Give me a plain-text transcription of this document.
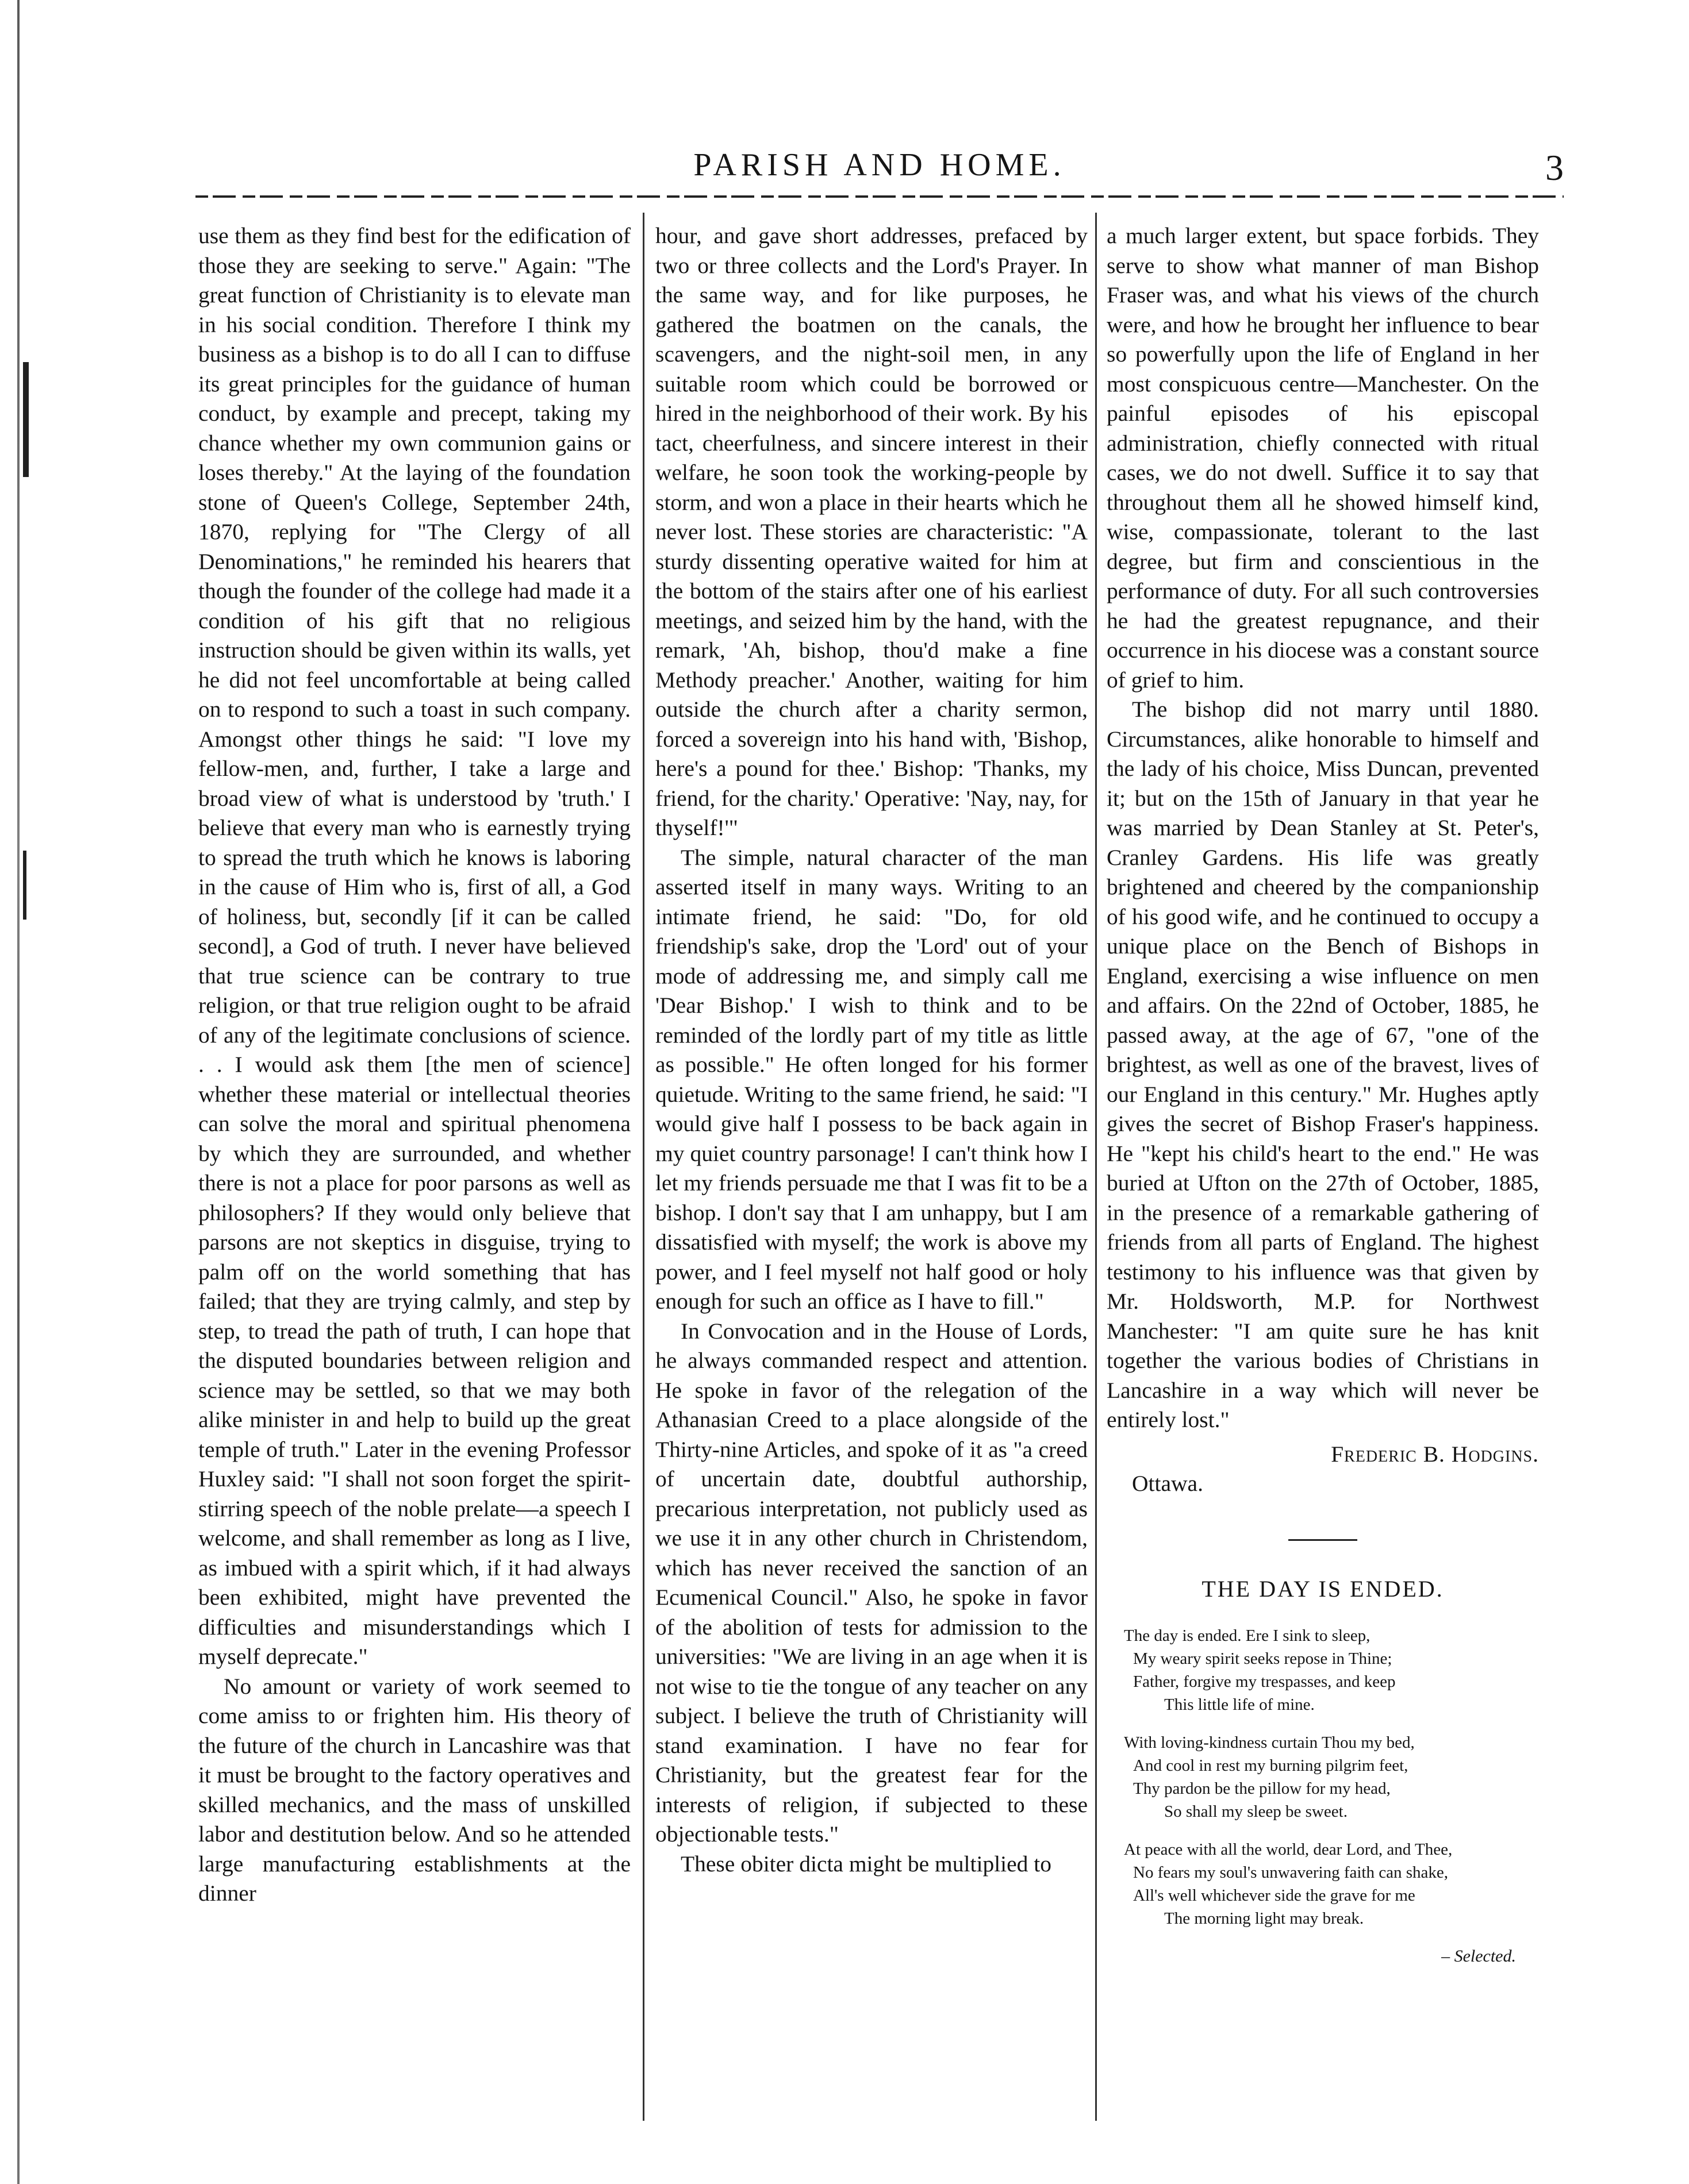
PARISH AND HOME.	3

use them as they find best for the edification of those they are seeking to serve." Again: "The great function of Christianity is to elevate man in his social condition. Therefore I think my business as a bishop is to do all I can to diffuse its great principles for the guidance of human conduct, by example and precept, taking my chance whether my own communion gains or loses thereby." At the laying of the foundation stone of Queen's College, September 24th, 1870, replying for "The Clergy of all Denominations," he reminded his hearers that though the founder of the college had made it a condition of his gift that no religious instruction should be given within its walls, yet he did not feel uncomfortable at being called on to respond to such a toast in such company. Amongst other things he said: "I love my fellow-men, and, further, I take a large and broad view of what is understood by 'truth.' I believe that every man who is earnestly trying to spread the truth which he knows is laboring in the cause of Him who is, first of all, a God of holiness, but, secondly [if it can be called second], a God of truth. I never have believed that true science can be contrary to true religion, or that true religion ought to be afraid of any of the legitimate conclusions of science. . . I would ask them [the men of science] whether these material or intellectual theories can solve the moral and spiritual phenomena by which they are surrounded, and whether there is not a place for poor parsons as well as philosophers? If they would only believe that parsons are not skeptics in disguise, trying to palm off on the world something that has failed; that they are trying calmly, and step by step, to tread the path of truth, I can hope that the disputed boundaries between religion and science may be settled, so that we may both alike minister in and help to build up the great temple of truth." Later in the evening Professor Huxley said: "I shall not soon forget the spirit-stirring speech of the noble prelate—a speech I welcome, and shall remember as long as I live, as imbued with a spirit which, if it had always been exhibited, might have prevented the difficulties and misunderstandings which I myself deprecate."

No amount or variety of work seemed to come amiss to or frighten him. His theory of the future of the church in Lancashire was that it must be brought to the factory operatives and skilled mechanics, and the mass of unskilled labor and destitution below. And so he attended large manufacturing establishments at the dinner

hour, and gave short addresses, prefaced by two or three collects and the Lord's Prayer. In the same way, and for like purposes, he gathered the boatmen on the canals, the scavengers, and the night-soil men, in any suitable room which could be borrowed or hired in the neighborhood of their work. By his tact, cheerfulness, and sincere interest in their welfare, he soon took the working-people by storm, and won a place in their hearts which he never lost. These stories are characteristic: "A sturdy dissenting operative waited for him at the bottom of the stairs after one of his earliest meetings, and seized him by the hand, with the remark, 'Ah, bishop, thou'd make a fine Methody preacher.' Another, waiting for him outside the church after a charity sermon, forced a sovereign into his hand with, 'Bishop, here's a pound for thee.' Bishop: 'Thanks, my friend, for the charity.' Operative: 'Nay, nay, for thyself!'"

The simple, natural character of the man asserted itself in many ways. Writing to an intimate friend, he said: "Do, for old friendship's sake, drop the 'Lord' out of your mode of addressing me, and simply call me 'Dear Bishop.' I wish to think and to be reminded of the lordly part of my title as little as possible." He often longed for his former quietude. Writing to the same friend, he said: "I would give half I possess to be back again in my quiet country parsonage! I can't think how I let my friends persuade me that I was fit to be a bishop. I don't say that I am unhappy, but I am dissatisfied with myself; the work is above my power, and I feel myself not half good or holy enough for such an office as I have to fill."

In Convocation and in the House of Lords, he always commanded respect and attention. He spoke in favor of the relegation of the Athanasian Creed to a place alongside of the Thirty-nine Articles, and spoke of it as "a creed of uncertain date, doubtful authorship, precarious interpretation, not publicly used as we use it in any other church in Christendom, which has never received the sanction of an Ecumenical Council." Also, he spoke in favor of the abolition of tests for admission to the universities: "We are living in an age when it is not wise to tie the tongue of any teacher on any subject. I believe the truth of Christianity will stand examination. I have no fear for Christianity, but the greatest fear for the interests of religion, if subjected to these objectionable tests."

These obiter dicta might be multiplied to

a much larger extent, but space forbids. They serve to show what manner of man Bishop Fraser was, and what his views of the church were, and how he brought her influence to bear so powerfully upon the life of England in her most conspicuous centre—Manchester. On the painful episodes of his episcopal administration, chiefly connected with ritual cases, we do not dwell. Suffice it to say that throughout them all he showed himself kind, wise, compassionate, tolerant to the last degree, but firm and conscientious in the performance of duty. For all such controversies he had the greatest repugnance, and their occurrence in his diocese was a constant source of grief to him.

The bishop did not marry until 1880. Circumstances, alike honorable to himself and the lady of his choice, Miss Duncan, prevented it; but on the 15th of January in that year he was married by Dean Stanley at St. Peter's, Cranley Gardens. His life was greatly brightened and cheered by the companionship of his good wife, and he continued to occupy a unique place on the Bench of Bishops in England, exercising a wise influence on men and affairs. On the 22nd of October, 1885, he passed away, at the age of 67, "one of the brightest, as well as one of the bravest, lives of our England in this century." Mr. Hughes aptly gives the secret of Bishop Fraser's happiness. He "kept his child's heart to the end." He was buried at Ufton on the 27th of October, 1885, in the presence of a remarkable gathering of friends from all parts of England. The highest testimony to his influence was that given by Mr. Holdsworth, M.P. for Northwest Manchester: "I am quite sure he has knit together the various bodies of Christians in Lancashire in a way which will never be entirely lost."

Frederic B. Hodgins.

Ottawa.

THE DAY IS ENDED.
The day is ended. Ere I sink to sleep,
My weary spirit seeks repose in Thine;
Father, forgive my trespasses, and keep
This little life of mine.
With loving-kindness curtain Thou my bed,
And cool in rest my burning pilgrim feet,
Thy pardon be the pillow for my head,
So shall my sleep be sweet.
At peace with all the world, dear Lord, and Thee,
No fears my soul's unwavering faith can shake,
All's well whichever side the grave for me
The morning light may break.
– Selected.
